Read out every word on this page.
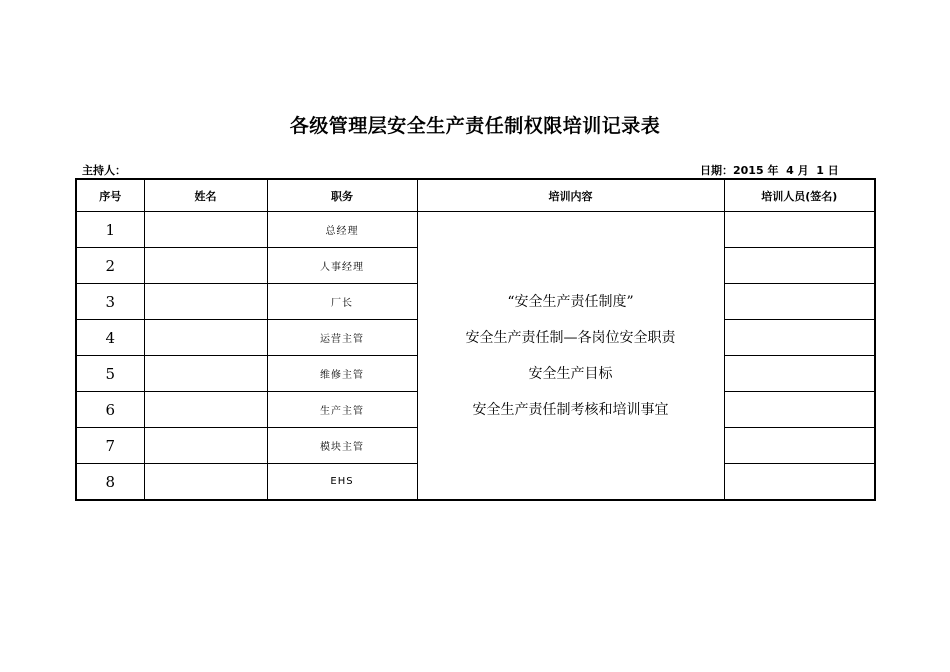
各级管理层安全生产责任制权限培训记录表
主持人：	日期：2015 年  4 月  1 日
序号	姓名	职务	培训内容	培训人员(签名)
1		总经理	“安全生产责任制度”
安全生产责任制—各岗位安全职责
安全生产目标
安全生产责任制考核和培训事宜	

2		人事经理		
3		厂长		
4		运营主管		
5		维修主管		
6		生产主管		
7		模块主管		
8		EHS		
